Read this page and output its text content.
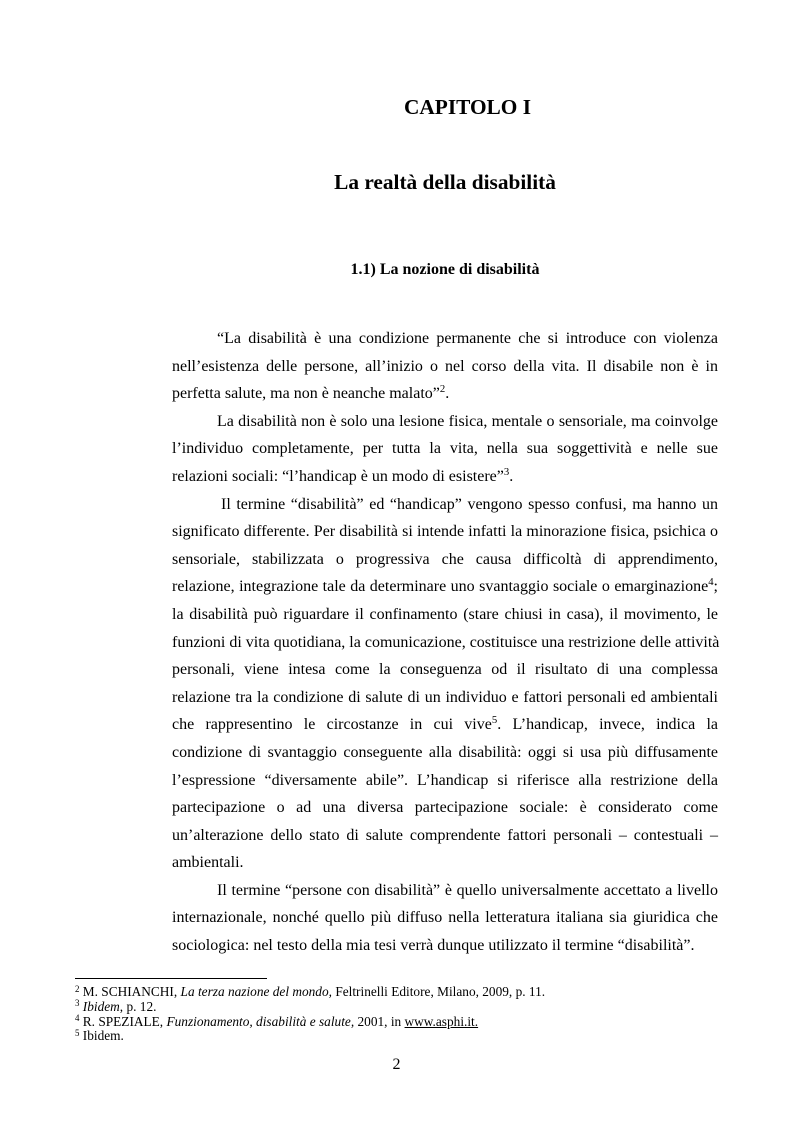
CAPITOLO I
La realtà della disabilità
1.1) La nozione di disabilità
“La disabilità è una condizione permanente che si introduce con violenza
nell’esistenza delle persone, all’inizio o nel corso della vita. Il disabile non è in
perfetta salute, ma non è neanche malato”$^2$.
La disabilità non è solo una lesione fisica, mentale o sensoriale, ma coinvolge
l’individuo completamente, per tutta la vita, nella sua soggettività e nelle sue
relazioni sociali: “l’handicap è un modo di esistere”$^3$.
Il termine “disabilità” ed “handicap” vengono spesso confusi, ma hanno un
significato differente. Per disabilità si intende infatti la minorazione fisica, psichica o
sensoriale, stabilizzata o progressiva che causa difficoltà di apprendimento,
relazione, integrazione tale da determinare uno svantaggio sociale o emarginazione$^4$;
la disabilità può riguardare il confinamento (stare chiusi in casa), il movimento, le
funzioni di vita quotidiana, la comunicazione, costituisce una restrizione delle attività
personali, viene intesa come la conseguenza od il risultato di una complessa
relazione tra la condizione di salute di un individuo e fattori personali ed ambientali
che rappresentino le circostanze in cui vive$^5$. L’handicap, invece, indica la
condizione di svantaggio conseguente alla disabilità: oggi si usa più diffusamente
l’espressione “diversamente abile”. L’handicap si riferisce alla restrizione della
partecipazione o ad una diversa partecipazione sociale: è considerato come
un’alterazione dello stato di salute comprendente fattori personali – contestuali –
ambientali.
Il termine “persone con disabilità” è quello universalmente accettato a livello
internazionale, nonché quello più diffuso nella letteratura italiana sia giuridica che
sociologica: nel testo della mia tesi verrà dunque utilizzato il termine “disabilità”.
$^2$ M. SCHIANCHI, La terza nazione del mondo, Feltrinelli Editore, Milano, 2009, p. 11.
$^3$ Ibidem, p. 12.
$^4$ R. SPEZIALE, Funzionamento, disabilità e salute, 2001, in www.asphi.it.
$^5$ Ibidem.
2
